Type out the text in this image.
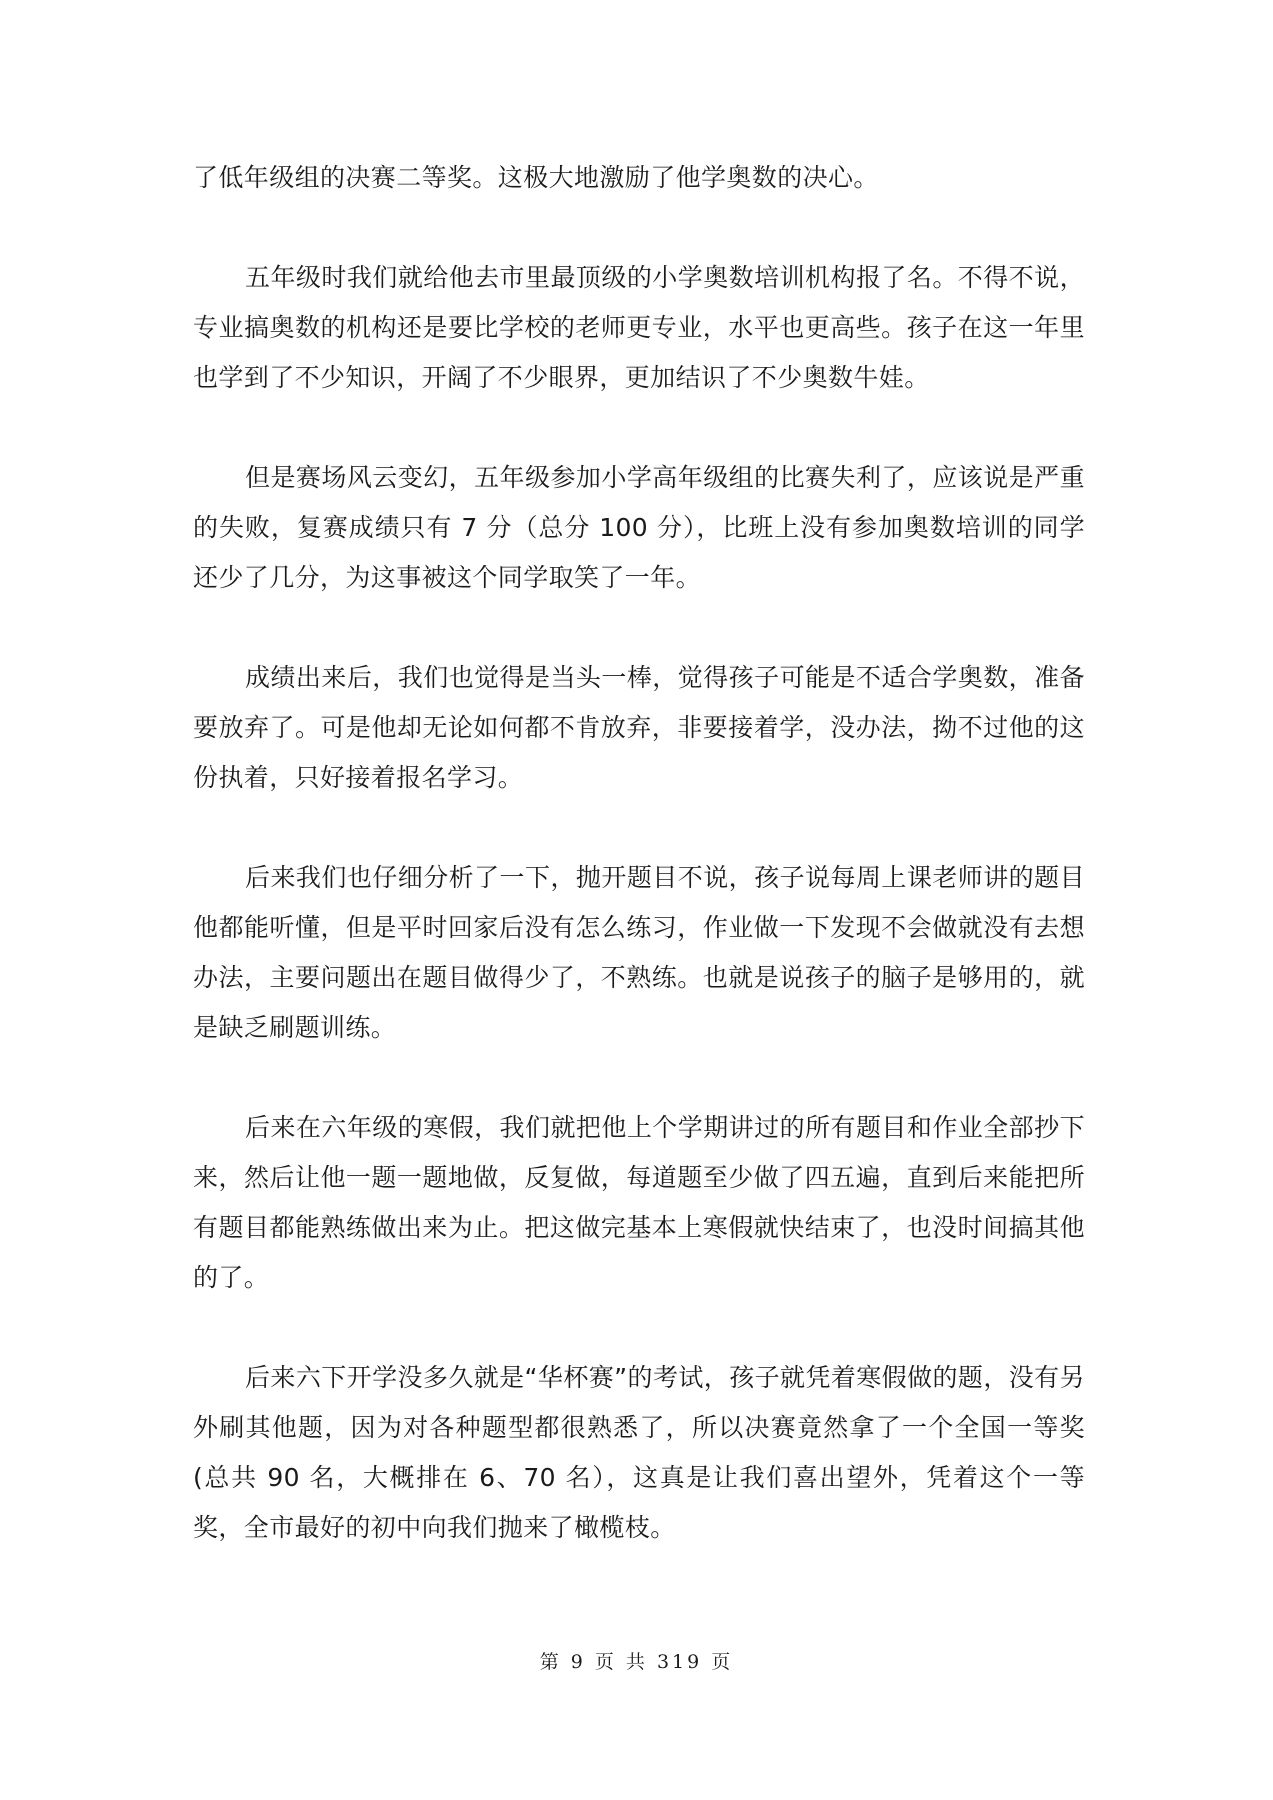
了低年级组的决赛二等奖。这极大地激励了他学奥数的决心。

五年级时我们就给他去市里最顶级的小学奥数培训机构报了名。不得不说，专业搞奥数的机构还是要比学校的老师更专业，水平也更高些。孩子在这一年里也学到了不少知识，开阔了不少眼界，更加结识了不少奥数牛娃。

但是赛场风云变幻，五年级参加小学高年级组的比赛失利了，应该说是严重的失败，复赛成绩只有 7 分（总分 100 分），比班上没有参加奥数培训的同学还少了几分，为这事被这个同学取笑了一年。

成绩出来后，我们也觉得是当头一棒，觉得孩子可能是不适合学奥数，准备要放弃了。可是他却无论如何都不肯放弃，非要接着学，没办法，拗不过他的这份执着，只好接着报名学习。

后来我们也仔细分析了一下，抛开题目不说，孩子说每周上课老师讲的题目他都能听懂，但是平时回家后没有怎么练习，作业做一下发现不会做就没有去想办法，主要问题出在题目做得少了，不熟练。也就是说孩子的脑子是够用的，就是缺乏刷题训练。

后来在六年级的寒假，我们就把他上个学期讲过的所有题目和作业全部抄下来，然后让他一题一题地做，反复做，每道题至少做了四五遍，直到后来能把所有题目都能熟练做出来为止。把这做完基本上寒假就快结束了，也没时间搞其他的了。

后来六下开学没多久就是“华杯赛”的考试，孩子就凭着寒假做的题，没有另外刷其他题，因为对各种题型都很熟悉了，所以决赛竟然拿了一个全国一等奖(总共 90 名，大概排在 6、70 名），这真是让我们喜出望外，凭着这个一等奖，全市最好的初中向我们抛来了橄榄枝。

第 9 页 共 319 页
